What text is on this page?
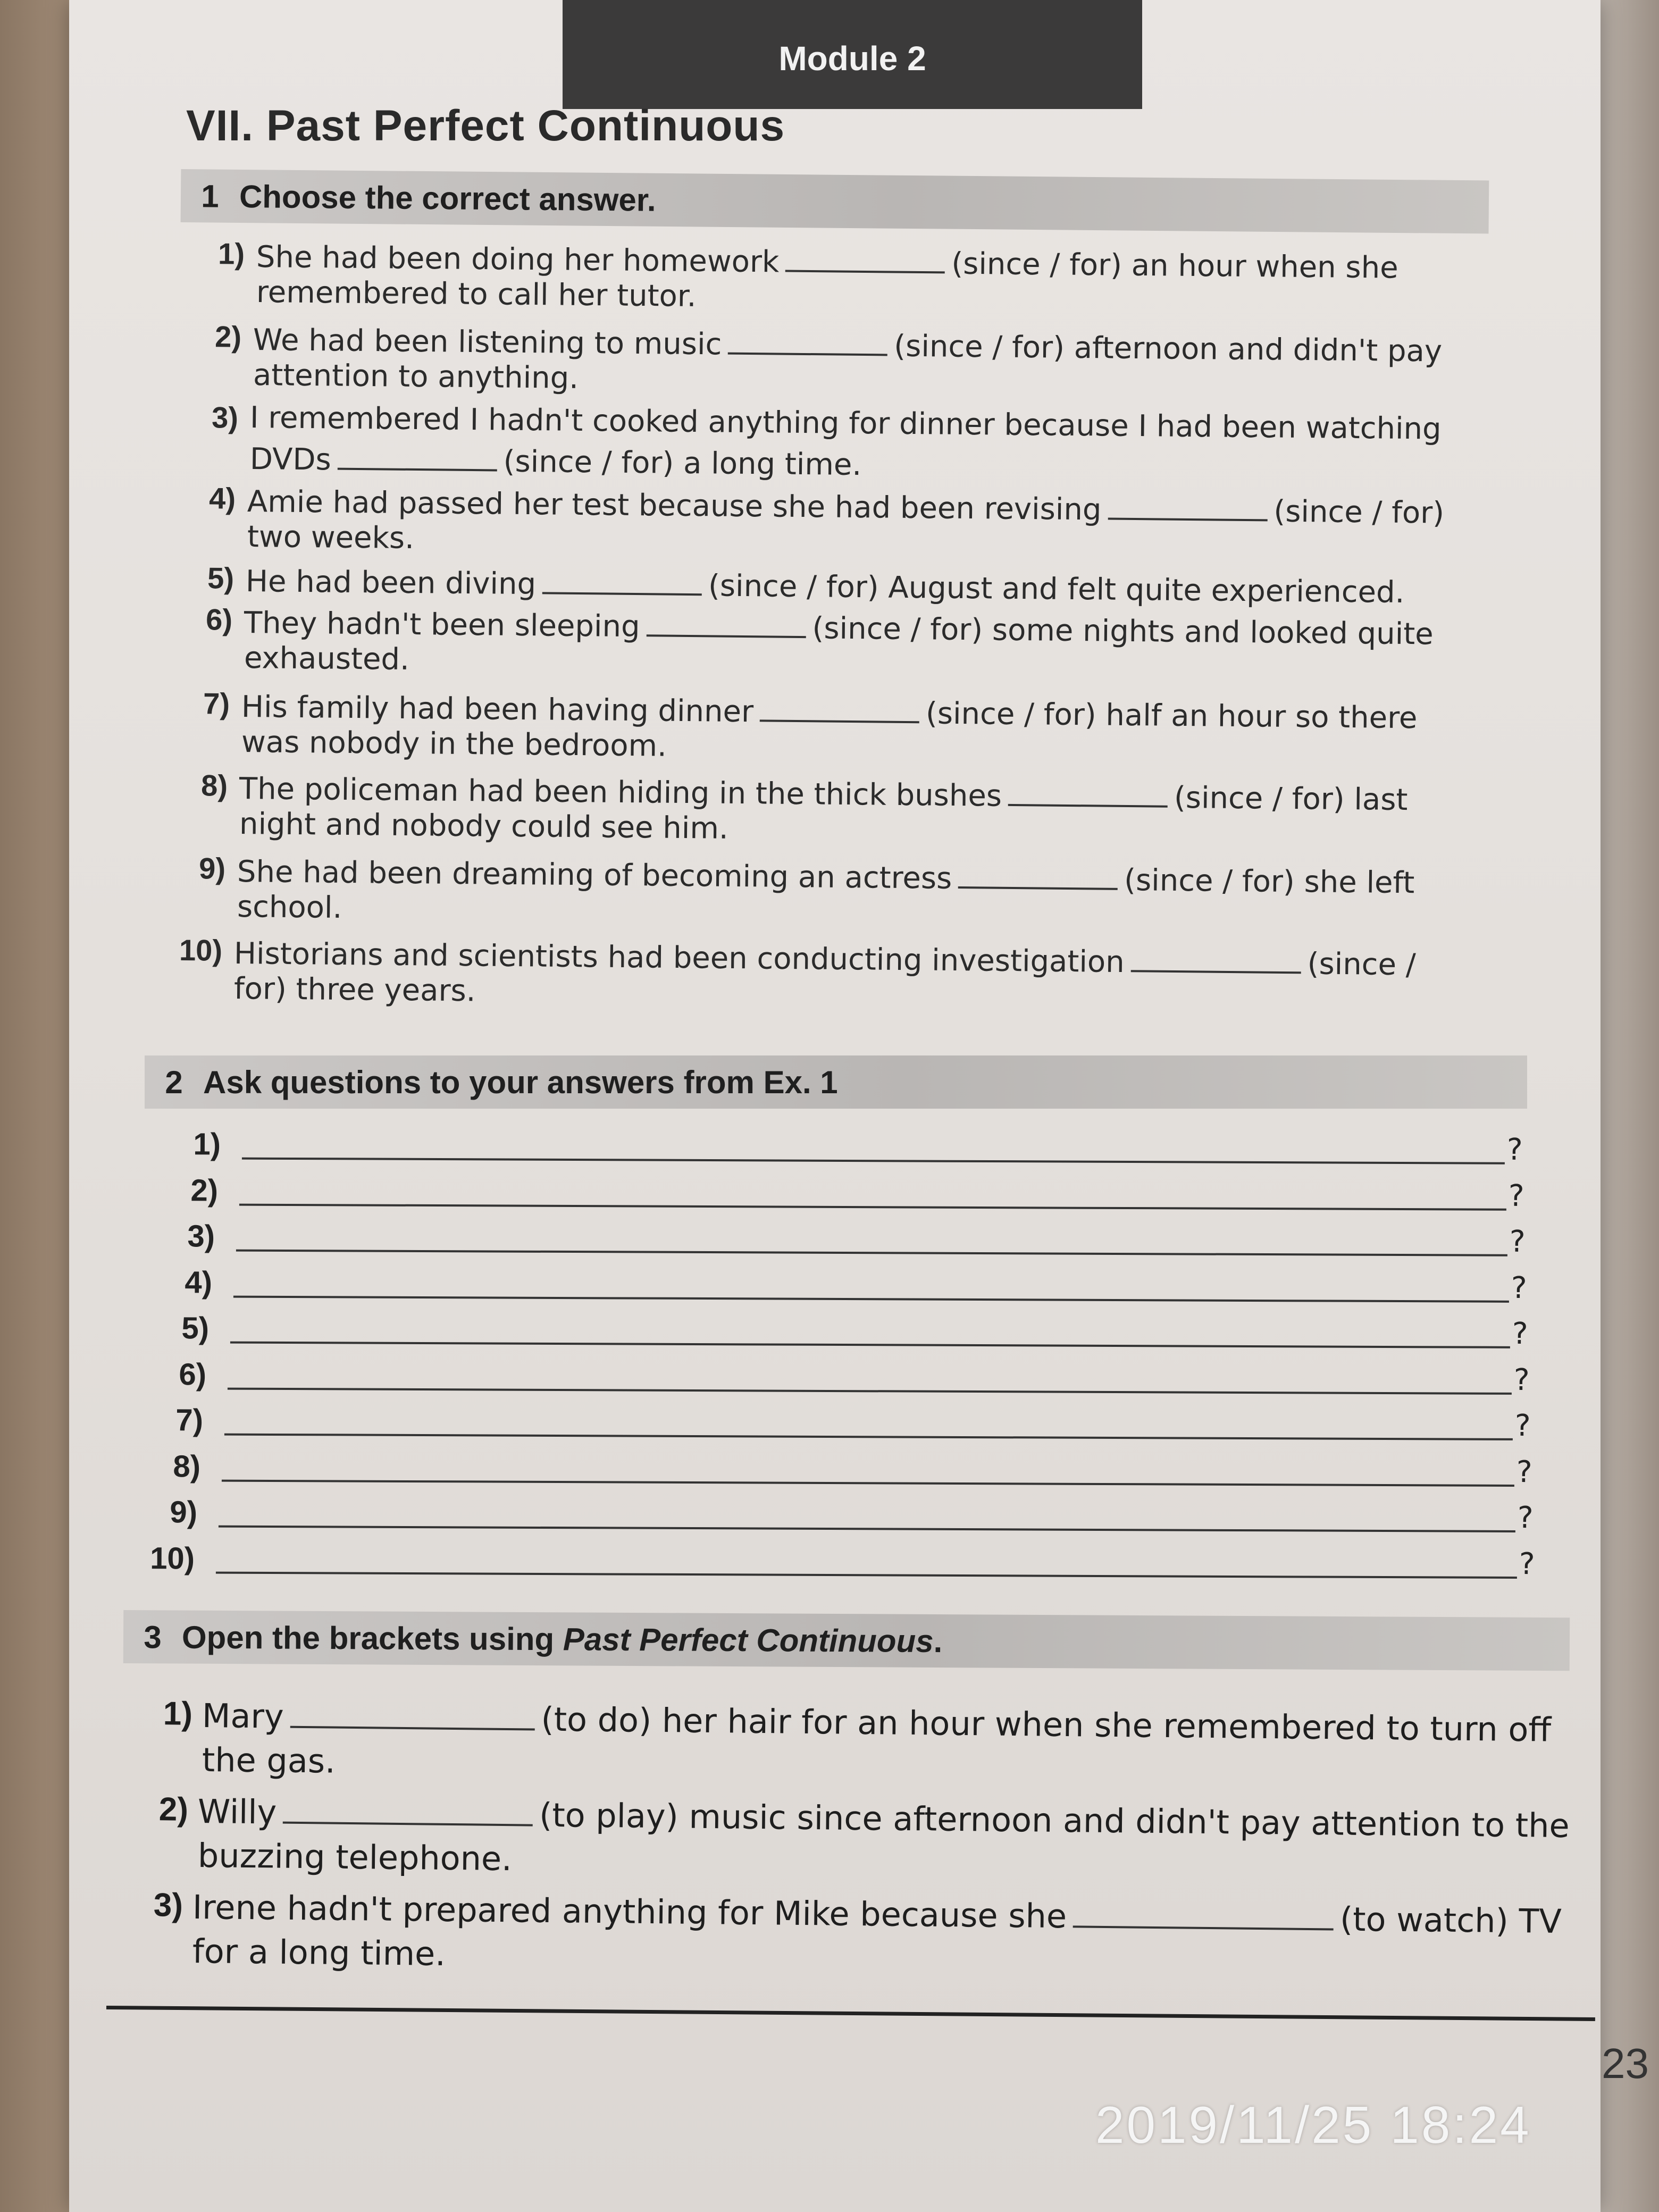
Module 2
VII. Past Perfect Continuous
1 Choose the correct answer.
1) She had been doing her homework	(since / for) an hour when she
remembered to call her tutor.
2) We had been listening to music	(since / for) afternoon and didn't pay
attention to anything.
3) I remembered I hadn't cooked anything for dinner because I had been watching
DVDs	(since / for) a long time.
4) Amie had passed her test because she had been revising	(since / for)
two weeks.
5) He had been diving	(since / for) August and felt quite experienced.
6) They hadn't been sleeping	(since / for) some nights and looked quite
exhausted.
7) His family had been having dinner	(since / for) half an hour so there
was nobody in the bedroom.
8) The policeman had been hiding in the thick bushes	(since / for) last
night and nobody could see him.
9) She had been dreaming of becoming an actress	(since / for) she left
school.
10) Historians and scientists had been conducting investigation	(since /
for) three years.
2 Ask questions to your answers from Ex. 1
1)	?
2)	?
3)	?
4)	?
5)	?
6)	?
7)	?
8)	?
9)	?
10)	?
3 Open the brackets using Past Perfect Continuous.
1) Mary	(to do) her hair for an hour when she remembered to turn off
the gas.
2) Willy	(to play) music since afternoon and didn't pay attention to the
buzzing telephone.
3) Irene hadn't prepared anything for Mike because she	(to watch) TV
for a long time.
23
2019/11/25 18:24
